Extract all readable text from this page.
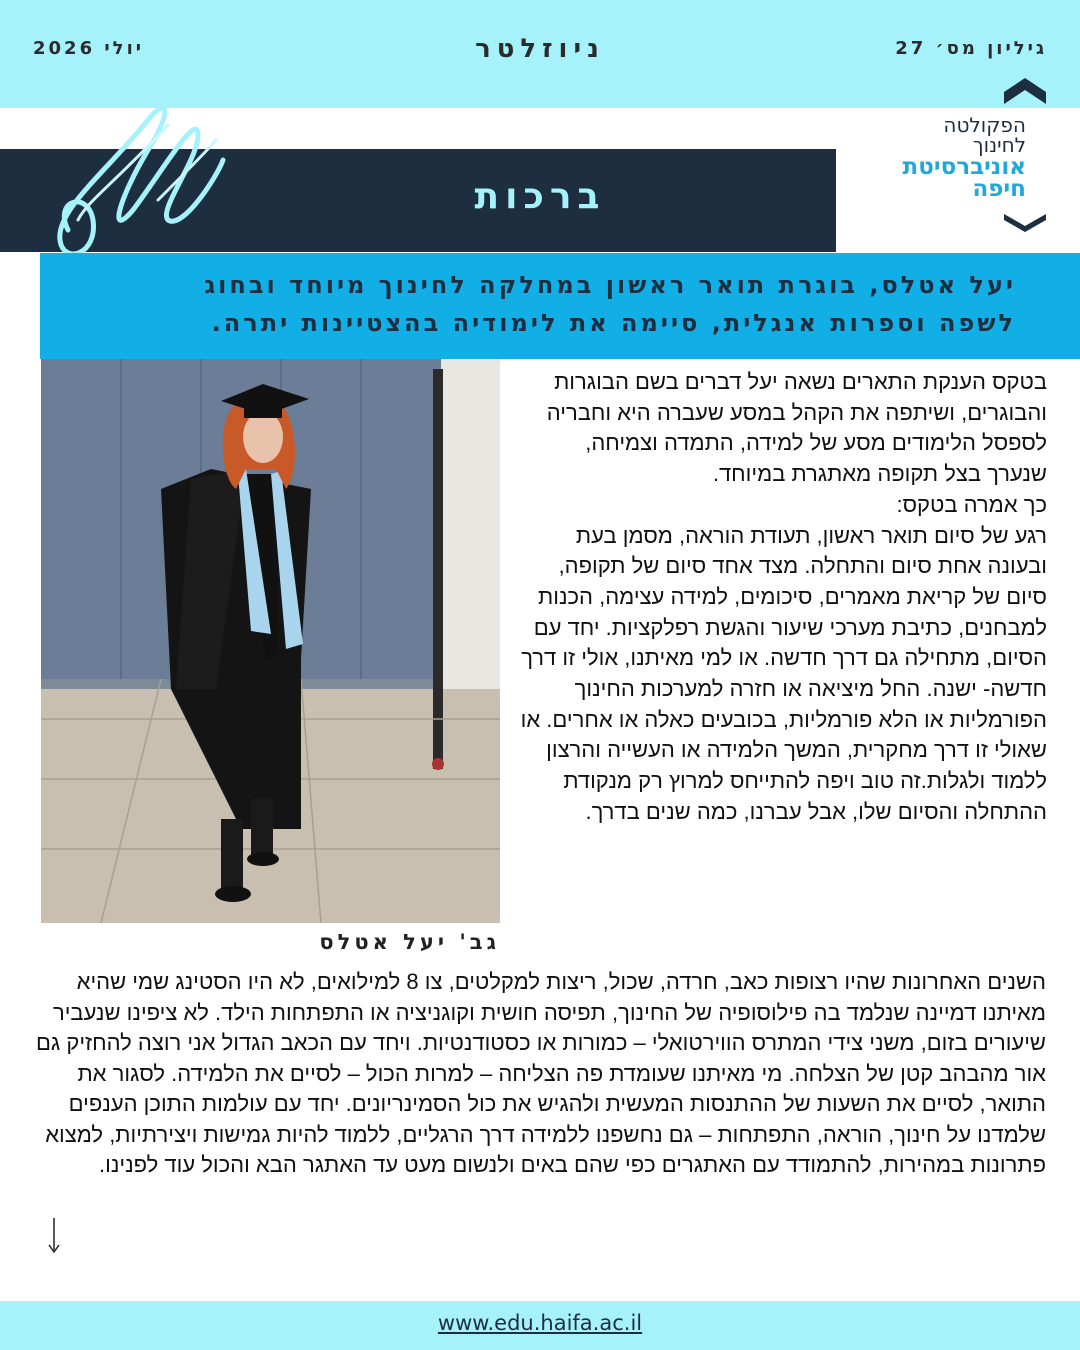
יולי 2026	ניוזלטר	גיליון מס׳ 27
ברכות
הפקולטה
לחינוך
אוניברסיטת
חיפה
יעל אטלס, בוגרת תואר ראשון במחלקה לחינוך מיוחד ובחוג
לשפה וספרות אנגלית, סיימה את לימודיה בהצטיינות יתרה.
גב' יעל אטלס

בטקס הענקת התארים נשאה יעל דברים בשם הבוגרות והבוגרים, ושיתפה את הקהל במסע שעברה היא וחבריה לספסל הלימודים מסע של למידה, התמדה וצמיחה, שנערך בצל תקופה מאתגרת במיוחד.

כך אמרה בטקס:

רגע של סיום תואר ראשון, תעודת הוראה, מסמן בעת ובעונה אחת סיום והתחלה. מצד אחד סיום של תקופה, סיום של קריאת מאמרים, סיכומים, למידה עצימה, הכנות למבחנים, כתיבת מערכי שיעור והגשת רפלקציות. יחד עם הסיום, מתחילה גם דרך חדשה. או למי מאיתנו, אולי זו דרך חדשה- ישנה. החל מיציאה או חזרה למערכות החינוך הפורמליות או הלא פורמליות, בכובעים כאלה או אחרים. או שאולי זו דרך מחקרית, המשך הלמידה או העשייה והרצון ללמוד ולגלות.זה טוב ויפה להתייחס למרוץ רק מנקודת ההתחלה והסיום שלו, אבל עברנו, כמה שנים בדרך.

השנים האחרונות שהיו רצופות כאב, חרדה, שכול, ריצות למקלטים, צו 8 למילואים, לא היו הסטינג שמי שהיא מאיתנו דמיינה שנלמד בה פילוסופיה של החינוך, תפיסה חושית וקוגניציה או התפתחות הילד. לא ציפינו שנעביר שיעורים בזום, משני צידי המתרס הווירטואלי – כמורות או כסטודנטיות. ויחד עם הכאב הגדול אני רוצה להחזיק גם אור מהבהב קטן של הצלחה. מי מאיתנו שעומדת פה הצליחה – למרות הכול – לסיים את הלמידה. לסגור את התואר, לסיים את השעות של ההתנסות המעשית ולהגיש את כול הסמינריונים. יחד עם עולמות התוכן הענפים שלמדנו על חינוך, הוראה, התפתחות – גם נחשפנו ללמידה דרך הרגליים, ללמוד להיות גמישות ויצירתיות, למצוא פתרונות במהירות, להתמודד עם האתגרים כפי שהם באים ולנשום מעט עד האתגר הבא והכול עוד לפנינו.

www.edu.haifa.ac.il
